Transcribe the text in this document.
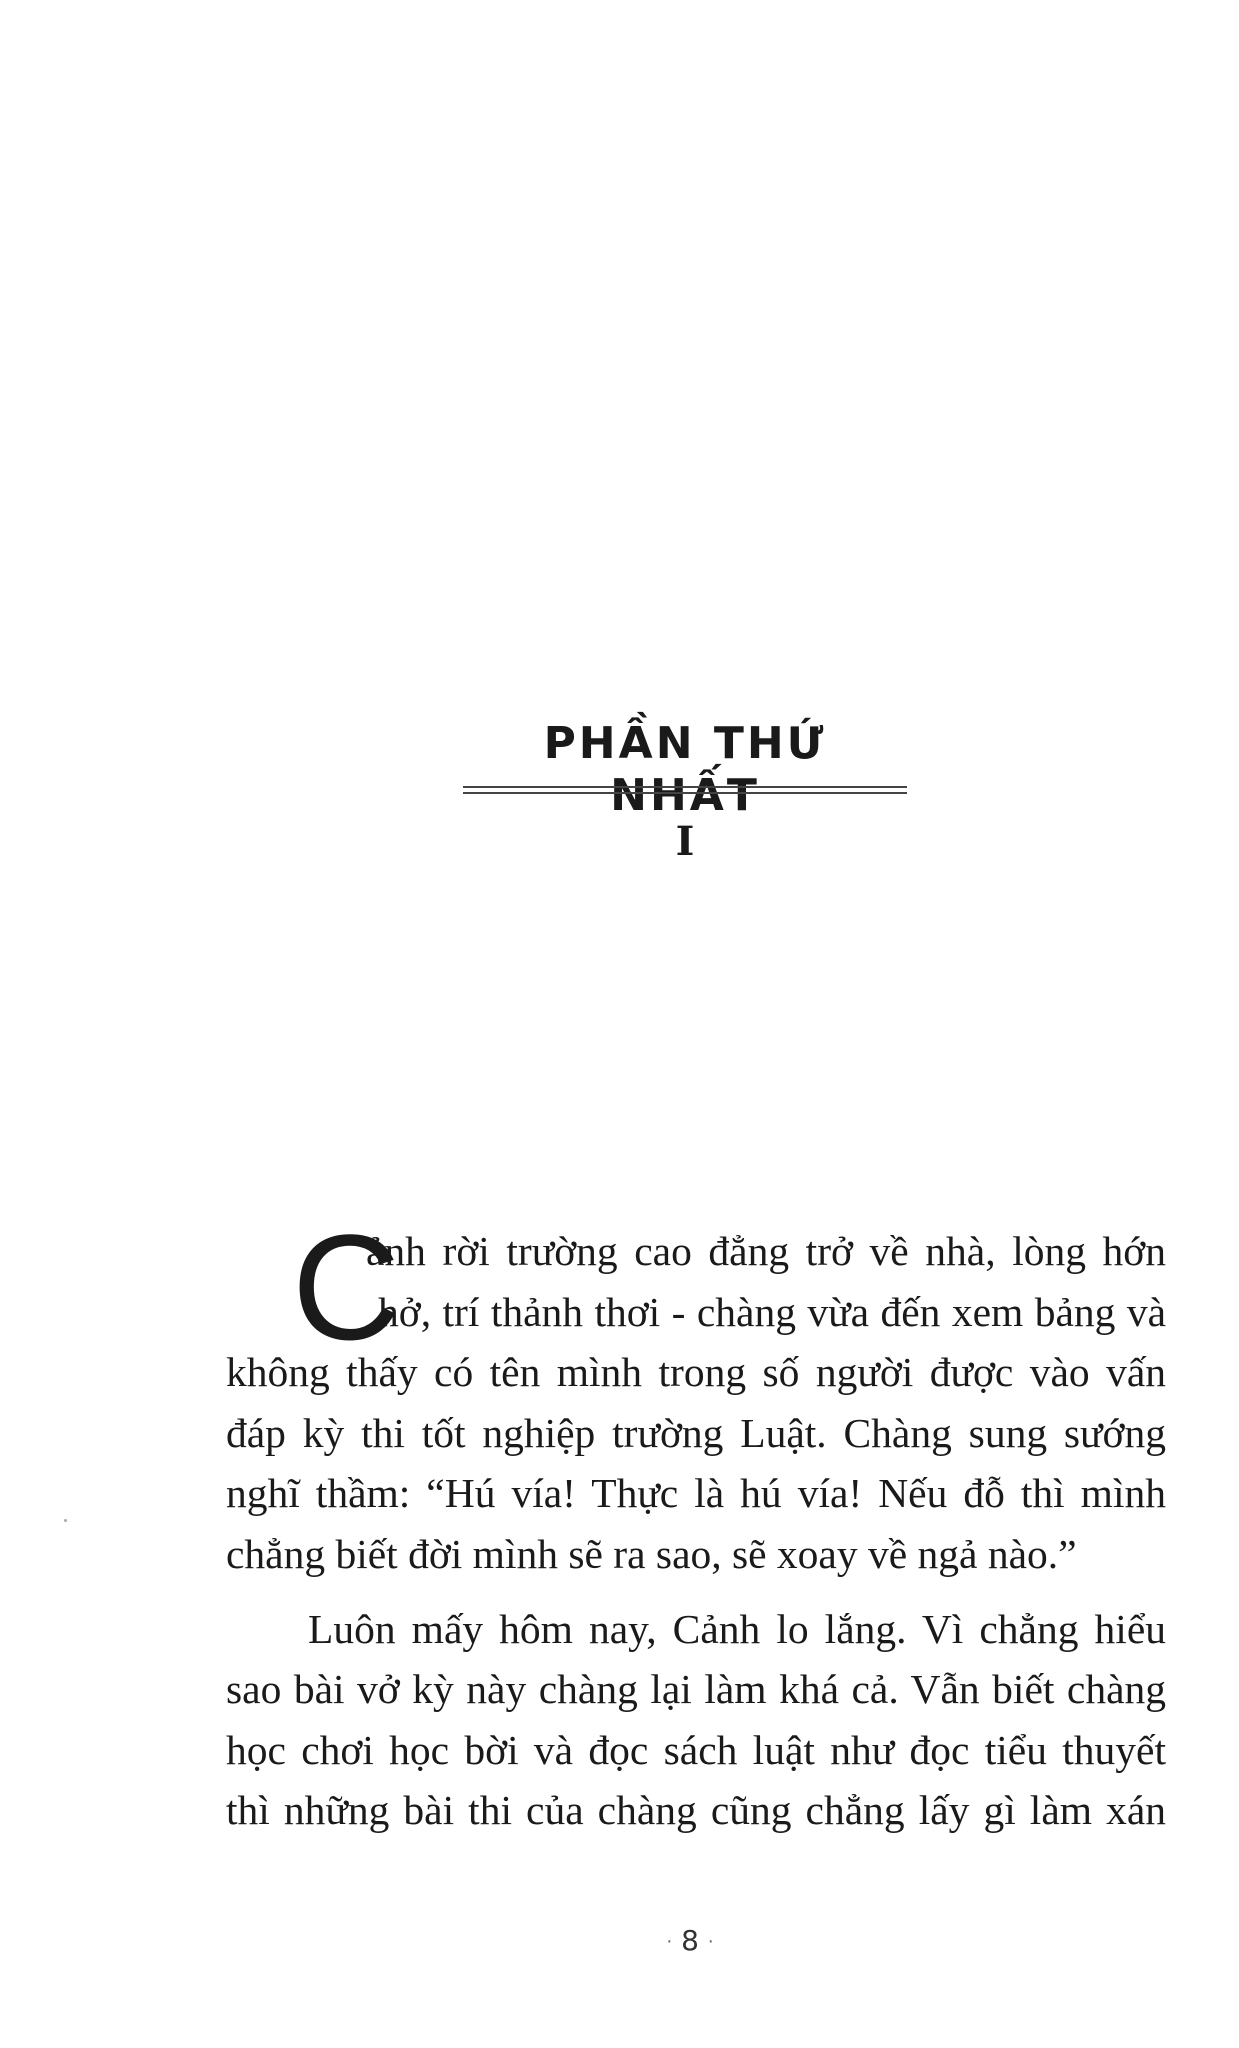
PHẦN THỨ NHẤT
I
C
ảnh rời trường cao đẳng trở về nhà, lòng hớn
hở, trí thảnh thơi - chàng vừa đến xem bảng và
không thấy có tên mình trong số người được vào vấn
đáp kỳ thi tốt nghiệp trường Luật. Chàng sung sướng
nghĩ thầm: “Hú vía! Thực là hú vía! Nếu đỗ thì mình
chẳng biết đời mình sẽ ra sao, sẽ xoay về ngả nào.”
Luôn mấy hôm nay, Cảnh lo lắng. Vì chẳng hiểu
sao bài vở kỳ này chàng lại làm khá cả. Vẫn biết chàng
học chơi học bời và đọc sách luật như đọc tiểu thuyết
thì những bài thi của chàng cũng chẳng lấy gì làm xán
· 8 ·
